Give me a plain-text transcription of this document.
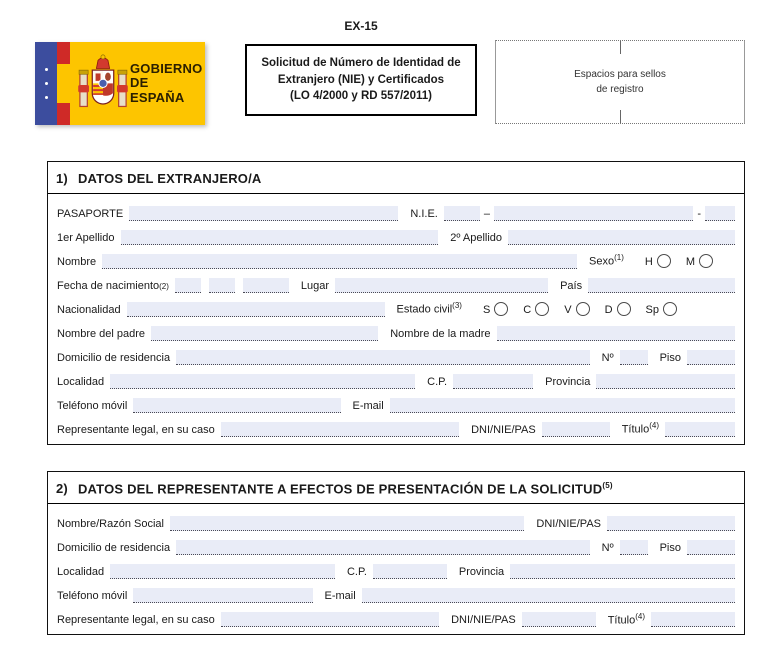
GOBIERNO
DE ESPAÑA
EX-15
Solicitud de Número de Identidad de
Extranjero (NIE) y Certificados
(LO 4/2000 y RD 557/2011)
Espacios para sellos
de registro
1) DATOS DEL EXTRANJERO/A
PASAPORTE	N.I.E.	–	-
1er Apellido	2º Apellido
Nombre	Sexo$^{(1)}$	H	M
Fecha de nacimiento(2)	Lugar	País
Nacionalidad	Estado civil$^{(3)}$	S	C	V	D	Sp
Nombre del padre	Nombre de la madre
Domicilio de residencia	Nº	Piso
Localidad	C.P.	Provincia
Teléfono móvil	E-mail
Representante legal, en su caso	DNI/NIE/PAS	Título$^{(4)}$
2) DATOS DEL REPRESENTANTE A EFECTOS DE PRESENTACIÓN DE LA SOLICITUD$^{(5)}$
Nombre/Razón Social	DNI/NIE/PAS
Domicilio de residencia	Nº	Piso
Localidad	C.P.	Provincia
Teléfono móvil	E-mail
Representante legal, en su caso	DNI/NIE/PAS	Título$^{(4)}$
